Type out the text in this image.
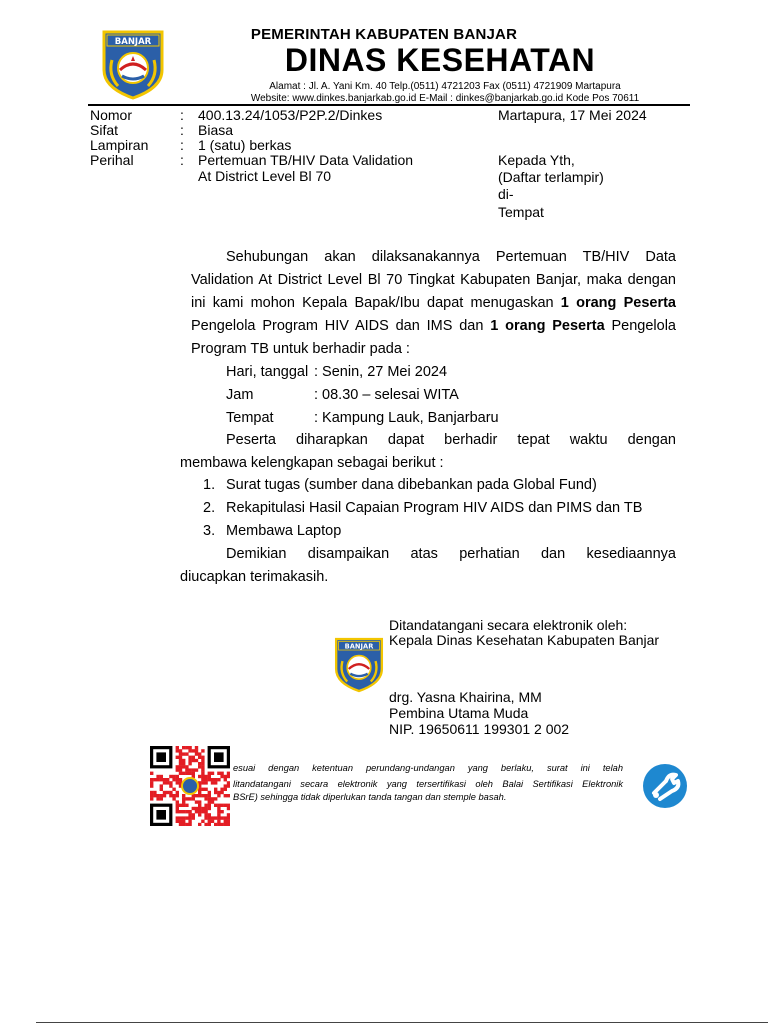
BANJAR	PEMERINTAH KABUPATEN BANJAR
DINAS KESEHATAN
Alamat : Jl. A. Yani Km. 40 Telp.(0511) 4721203 Fax (0511) 4721909 Martapura
Website: www.dinkes.banjarkab.go.id E-Mail : dinkes@banjarkab.go.id Kode Pos 70611
Nomor	: 400.13.24/1053/P2P.2/Dinkes
Sifat	: Biasa
Lampiran : 1 (satu) berkas
Perihal	: Pertemuan TB/HIV Data Validation
At District Level Bl 70
Martapura, 17 Mei 2024
Kepada Yth,
(Daftar terlampir)
di-
Tempat
Sehubungan akan dilaksanakannya Pertemuan TB/HIV Data
Validation At District Level Bl 70 Tingkat Kabupaten Banjar, maka dengan
ini kami mohon Kepala Bapak/Ibu dapat menugaskan 1 orang Peserta
Pengelola Program HIV AIDS dan IMS dan 1 orang Peserta Pengelola
Program TB untuk berhadir pada :
Hari, tanggal : Senin, 27 Mei 2024
Jam	: 08.30 – selesai WITA
Tempat	: Kampung Lauk, Banjarbaru
Peserta diharapkan dapat berhadir tepat waktu dengan
membawa kelengkapan sebagai berikut :
1. Surat tugas (sumber dana dibebankan pada Global Fund)
2. Rekapitulasi Hasil Capaian Program HIV AIDS dan PIMS dan TB
3. Membawa Laptop
Demikian disampaikan atas perhatian dan kesediaannya
diucapkan terimakasih.
Ditandatangani secara elektronik oleh:
Kepala Dinas Kesehatan Kabupaten Banjar
BANJAR
drg. Yasna Khairina, MM
Pembina Utama Muda
NIP. 19650611 199301 2 002
esuai dengan ketentuan perundang-undangan yang berlaku, surat ini telah
litandatangani secara elektronik yang tersertifikasi oleh Balai Sertifikasi Elektronik
BSrE) sehingga tidak diperlukan tanda tangan dan stemple basah.
